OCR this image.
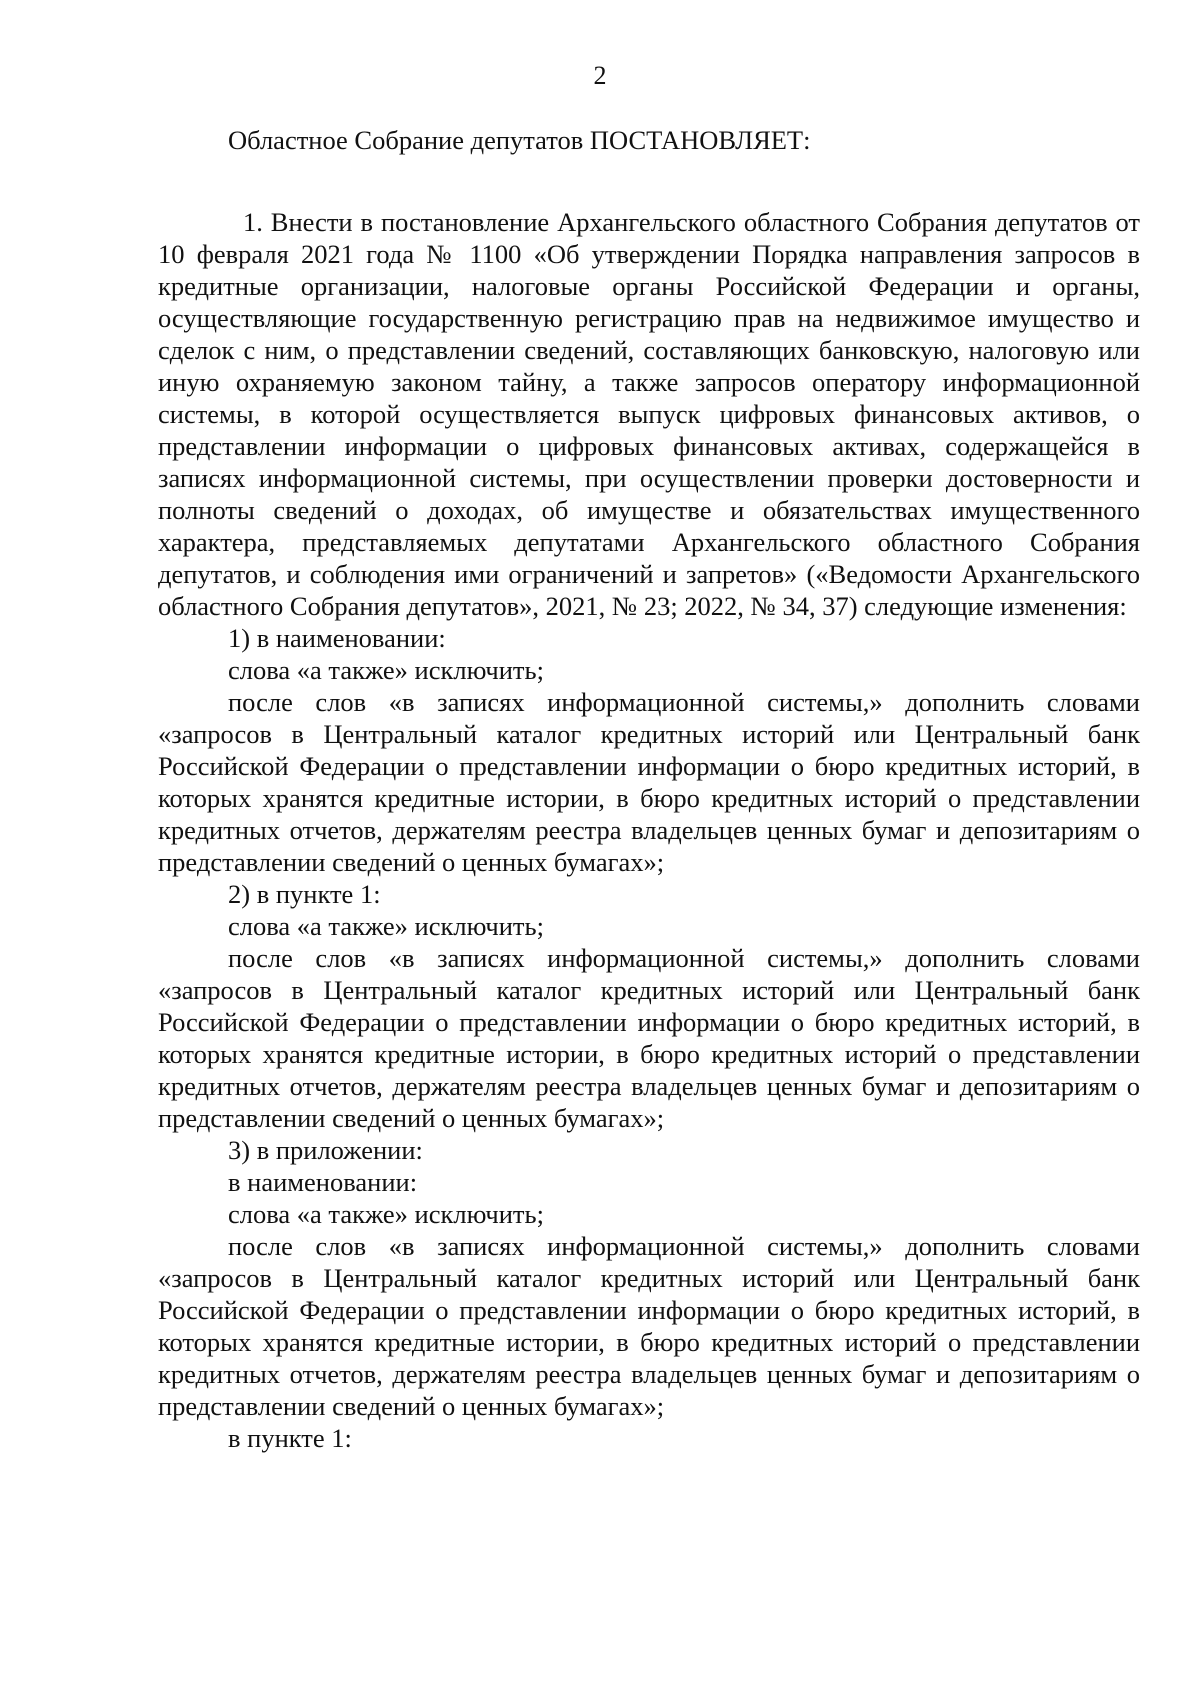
2
Областное Собрание депутатов ПОСТАНОВЛЯЕТ:

1. Внести в постановление Архангельского областного Собрания депутатов от 10 февраля 2021 года № 1100 «Об утверждении Порядка направления запросов в кредитные организации, налоговые органы Российской Федерации и органы, осуществляющие государственную регистрацию прав на недвижимое имущество и сделок с ним, о представлении сведений, составляющих банковскую, налоговую или иную охраняемую законом тайну, а также запросов оператору информационной системы, в которой осуществляется выпуск цифровых финансовых активов, о представлении информации о цифровых финансовых активах, содержащейся в записях информационной системы, при осуществлении проверки достоверности и полноты сведений о доходах, об имуществе и обязательствах имущественного характера, представляемых депутатами Архангельского областного Собрания депутатов, и соблюдения ими ограничений и запретов» («Ведомости Архангельского областного Собрания депутатов», 2021, № 23; 2022, № 34, 37) следующие изменения:

1) в наименовании:

слова «а также» исключить;

после слов «в записях информационной системы,» дополнить словами «запросов в Центральный каталог кредитных историй или Центральный банк Российской Федерации о представлении информации о бюро кредитных историй, в которых хранятся кредитные истории, в бюро кредитных историй о представлении кредитных отчетов, держателям реестра владельцев ценных бумаг и депозитариям о представлении сведений о ценных бумагах»;

2) в пункте 1:

слова «а также» исключить;

после слов «в записях информационной системы,» дополнить словами «запросов в Центральный каталог кредитных историй или Центральный банк Российской Федерации о представлении информации о бюро кредитных историй, в которых хранятся кредитные истории, в бюро кредитных историй о представлении кредитных отчетов, держателям реестра владельцев ценных бумаг и депозитариям о представлении сведений о ценных бумагах»;

3) в приложении:

в наименовании:

слова «а также» исключить;

после слов «в записях информационной системы,» дополнить словами «запросов в Центральный каталог кредитных историй или Центральный банк Российской Федерации о представлении информации о бюро кредитных историй, в которых хранятся кредитные истории, в бюро кредитных историй о представлении кредитных отчетов, держателям реестра владельцев ценных бумаг и депозитариям о представлении сведений о ценных бумагах»;

в пункте 1:
